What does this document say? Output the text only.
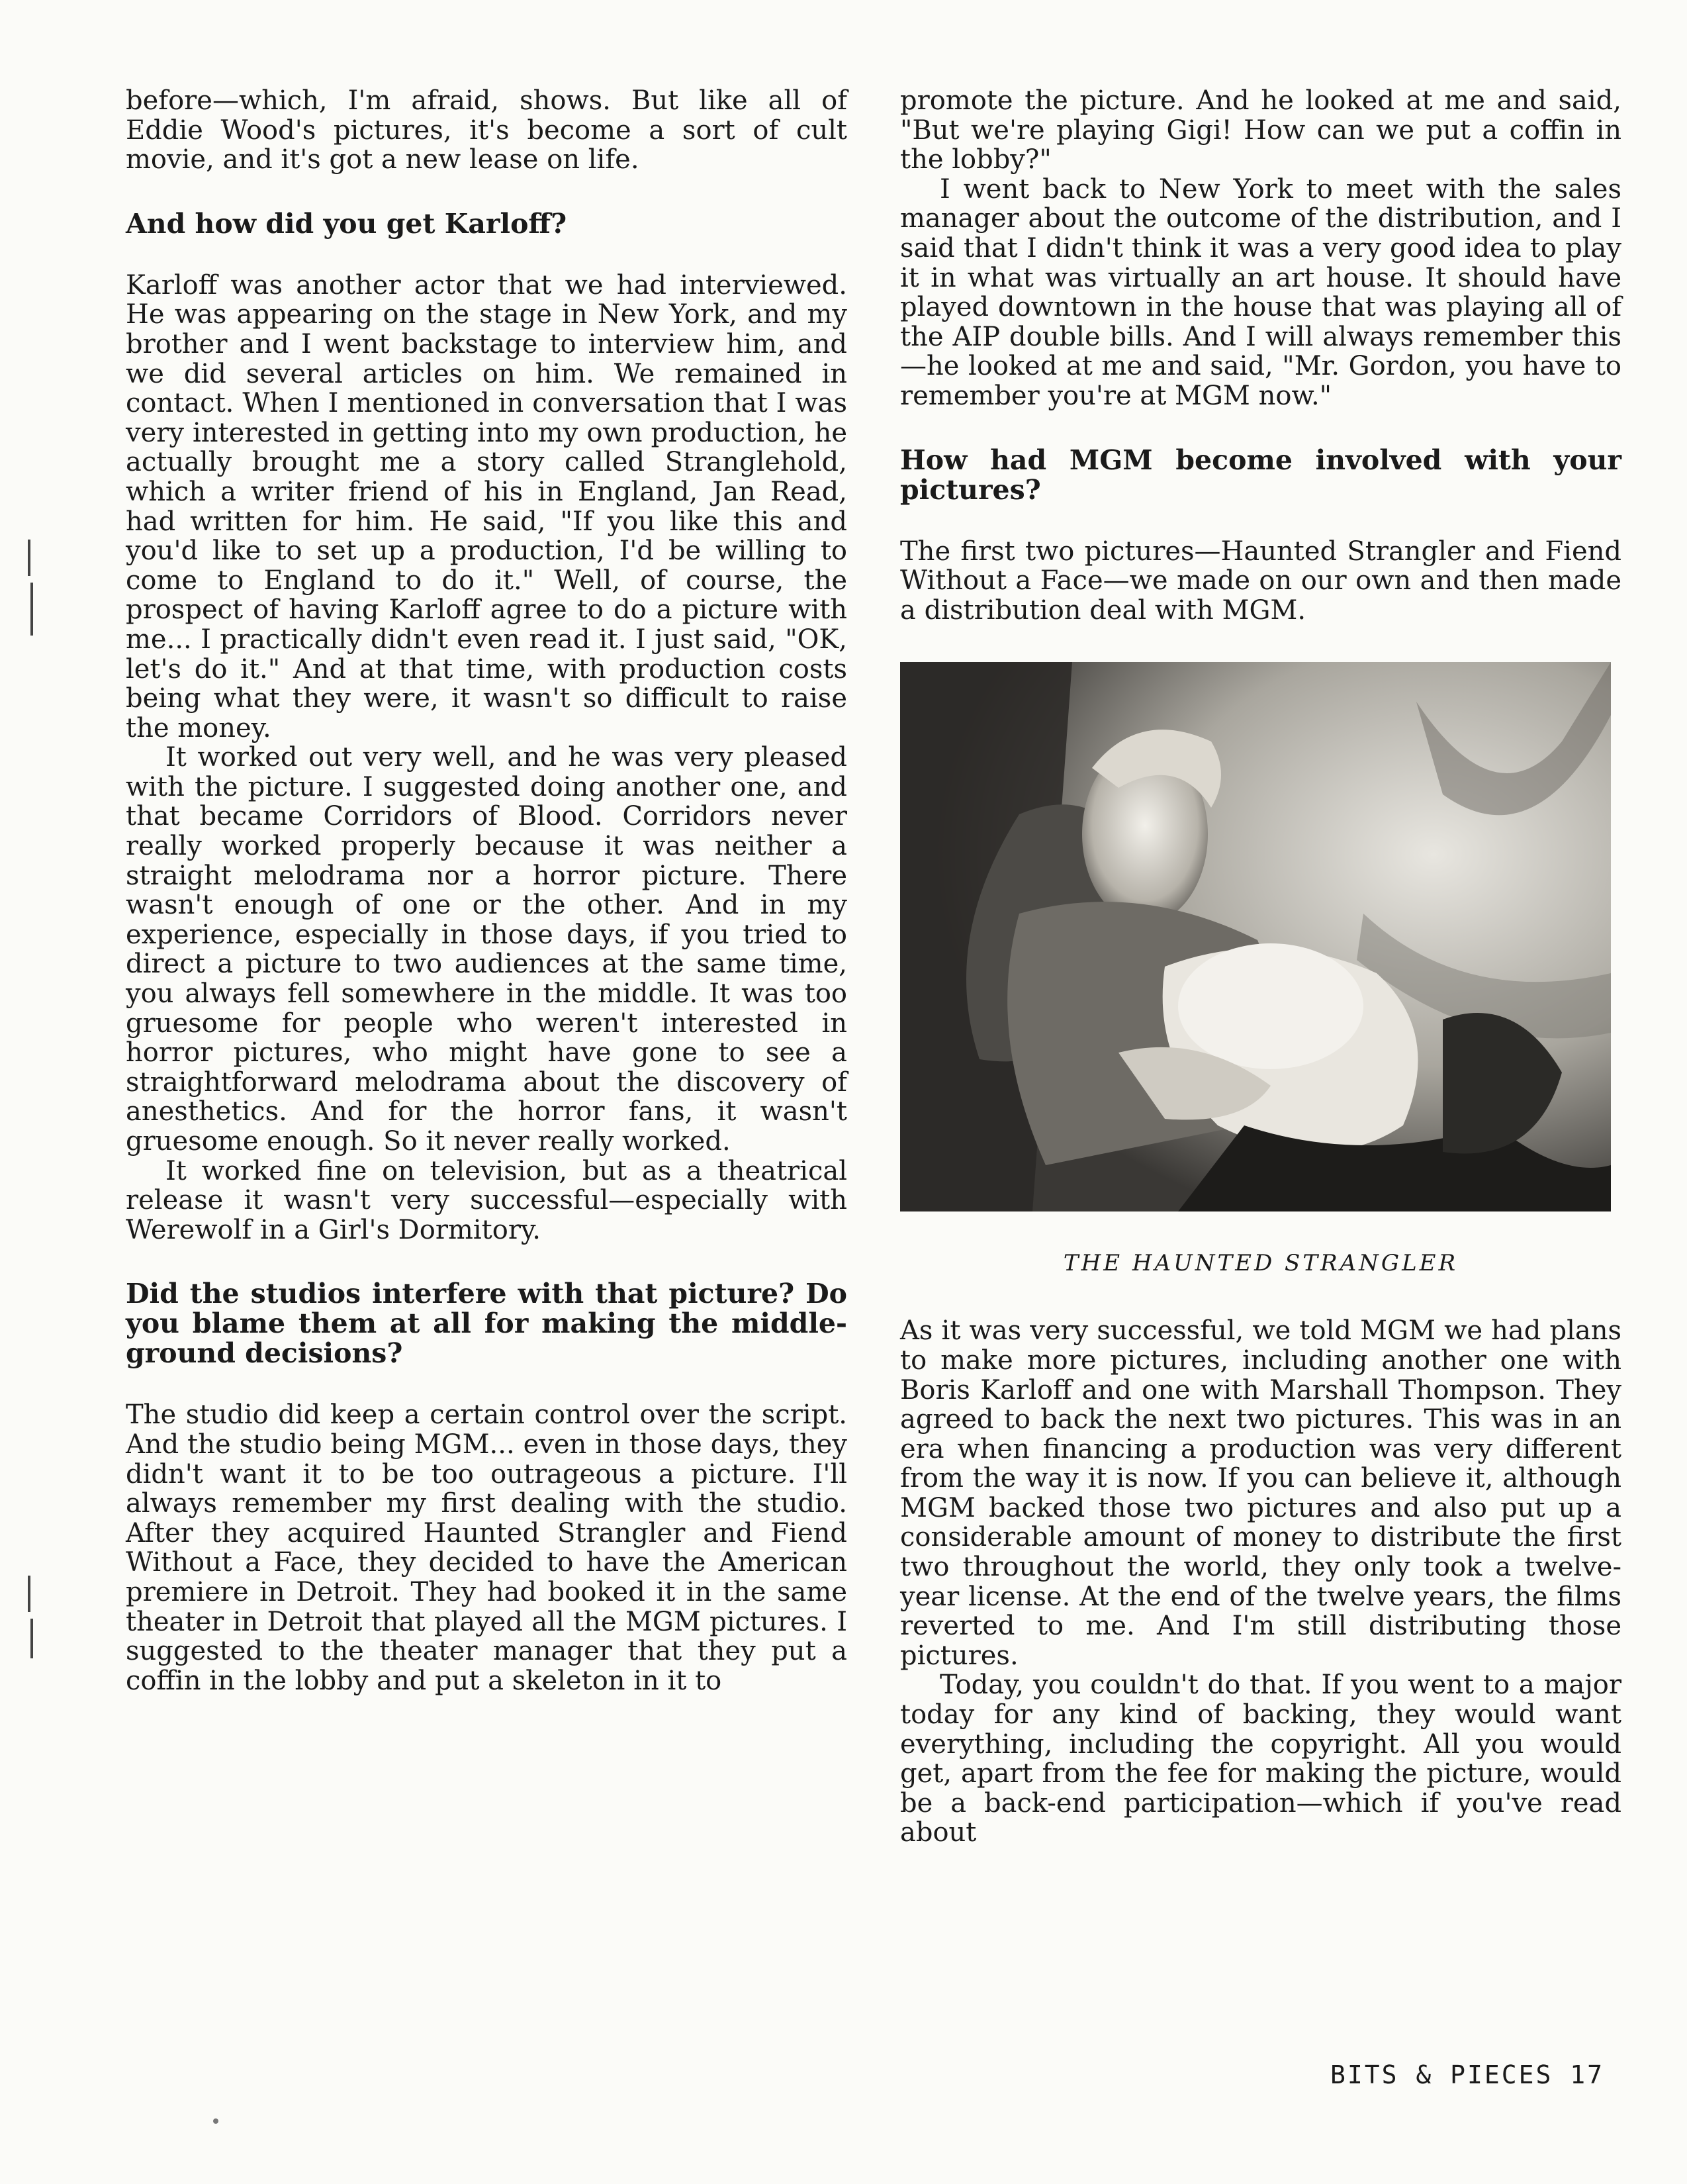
before—which, I'm afraid, shows. But like all of Eddie Wood's pictures, it's become a sort of cult movie, and it's got a new lease on life.

And how did you get Karloff?

Karloff was another actor that we had interviewed. He was appearing on the stage in New York, and my brother and I went backstage to interview him, and we did several articles on him. We remained in contact. When I mentioned in conversation that I was very interested in getting into my own production, he actually brought me a story called Stranglehold, which a writer friend of his in England, Jan Read, had written for him. He said, "If you like this and you'd like to set up a production, I'd be willing to come to England to do it." Well, of course, the prospect of having Karloff agree to do a picture with me... I practically didn't even read it. I just said, "OK, let's do it." And at that time, with production costs being what they were, it wasn't so difficult to raise the money.

It worked out very well, and he was very pleased with the picture. I suggested doing another one, and that became Corridors of Blood. Corridors never really worked properly because it was neither a straight melodrama nor a horror picture. There wasn't enough of one or the other. And in my experience, especially in those days, if you tried to direct a picture to two audiences at the same time, you always fell somewhere in the middle. It was too gruesome for people who weren't interested in horror pictures, who might have gone to see a straightforward melodrama about the discovery of anesthetics. And for the horror fans, it wasn't gruesome enough. So it never really worked.

It worked fine on television, but as a theatrical release it wasn't very successful—especially with Werewolf in a Girl's Dormitory.

Did the studios interfere with that picture? Do you blame them at all for making the middle-ground decisions?

The studio did keep a certain control over the script. And the studio being MGM... even in those days, they didn't want it to be too outrageous a picture. I'll always remember my first dealing with the studio. After they acquired Haunted Strangler and Fiend Without a Face, they decided to have the American premiere in Detroit. They had booked it in the same theater in Detroit that played all the MGM pictures. I suggested to the theater manager that they put a coffin in the lobby and put a skeleton in it to

promote the picture. And he looked at me and said, "But we're playing Gigi! How can we put a coffin in the lobby?"

I went back to New York to meet with the sales manager about the outcome of the distribution, and I said that I didn't think it was a very good idea to play it in what was virtually an art house. It should have played downtown in the house that was playing all of the AIP double bills. And I will always remember this—he looked at me and said, "Mr. Gordon, you have to remember you're at MGM now."

How had MGM become involved with your pictures?

The first two pictures—Haunted Strangler and Fiend Without a Face—we made on our own and then made a distribution deal with MGM.

THE HAUNTED STRANGLER

As it was very successful, we told MGM we had plans to make more pictures, including another one with Boris Karloff and one with Marshall Thompson. They agreed to back the next two pictures. This was in an era when financing a production was very different from the way it is now. If you can believe it, although MGM backed those two pictures and also put up a considerable amount of money to distribute the first two throughout the world, they only took a twelve-year license. At the end of the twelve years, the films reverted to me. And I'm still distributing those pictures.

Today, you couldn't do that. If you went to a major today for any kind of backing, they would want everything, including the copyright. All you would get, apart from the fee for making the picture, would be a back-end participation—which if you've read about

BITS & PIECES 17
